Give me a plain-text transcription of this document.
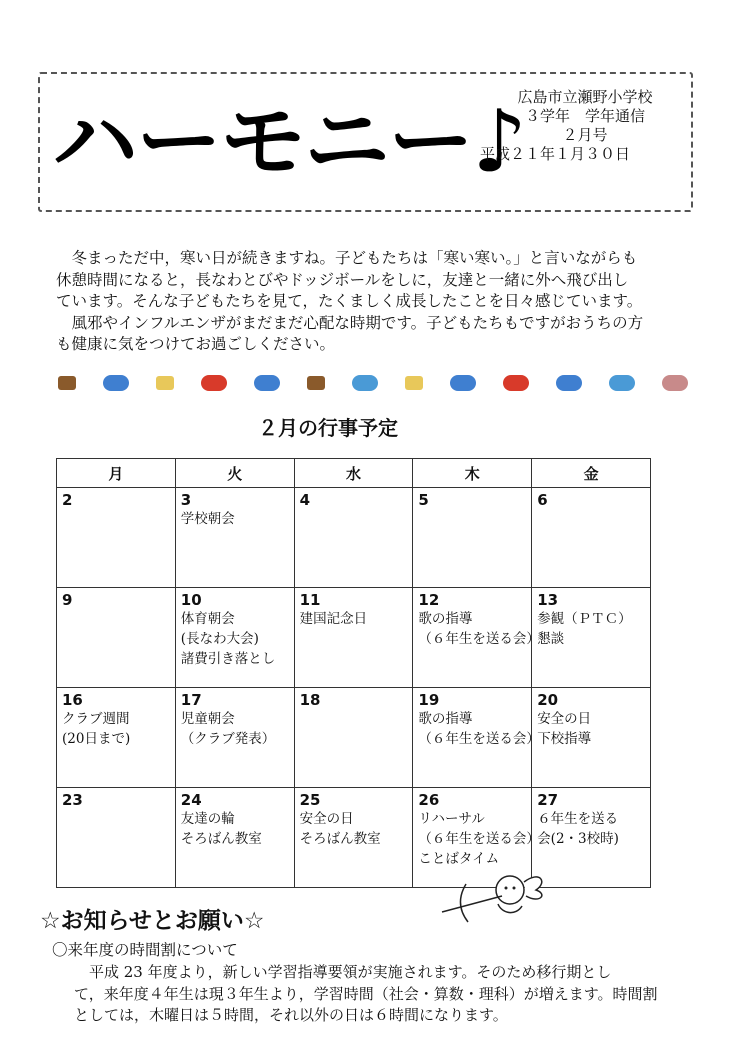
ハーモニー♪
広島市立瀬野小学校
３学年　学年通信
２月号
平成２１年１月３０日

　冬まっただ中，寒い日が続きますね。子どもたちは「寒い寒い。」と言いながらも

休憩時間になると，長なわとびやドッジボールをしに，友達と一緒に外へ飛び出し

ています。そんな子どもたちを見て，たくましく成長したことを日々感じています。

　風邪やインフルエンザがまだまだ心配な時期です。子どもたちもですがおうちの方

も健康に気をつけてお過ごしください。

２月の行事予定
月	火	水	木	金

2	3
学校朝会	4	5	6

9	10
体育朝会
(長なわ大会)
諸費引き落とし	11
建国記念日	12
歌の指導
（６年生を送る会）	13
参観（ＰＴＣ）
懇談

16
クラブ週間
(20日まで)	17
児童朝会
（クラブ発表）	18	19
歌の指導
（６年生を送る会）	20
安全の日
下校指導

23	24
友達の輪
そろばん教室	25
安全の日
そろばん教室	26
リハーサル
（６年生を送る会）
ことばタイム	27
６年生を送る
会(2・3校時)
☆お知らせとお願い☆
〇来年度の時間割について

　平成 23 年度より，新しい学習指導要領が実施されます。そのため移行期とし

て，来年度４年生は現３年生より，学習時間（社会・算数・理科）が増えます。時間割

としては，木曜日は５時間，それ以外の日は６時間になります。
